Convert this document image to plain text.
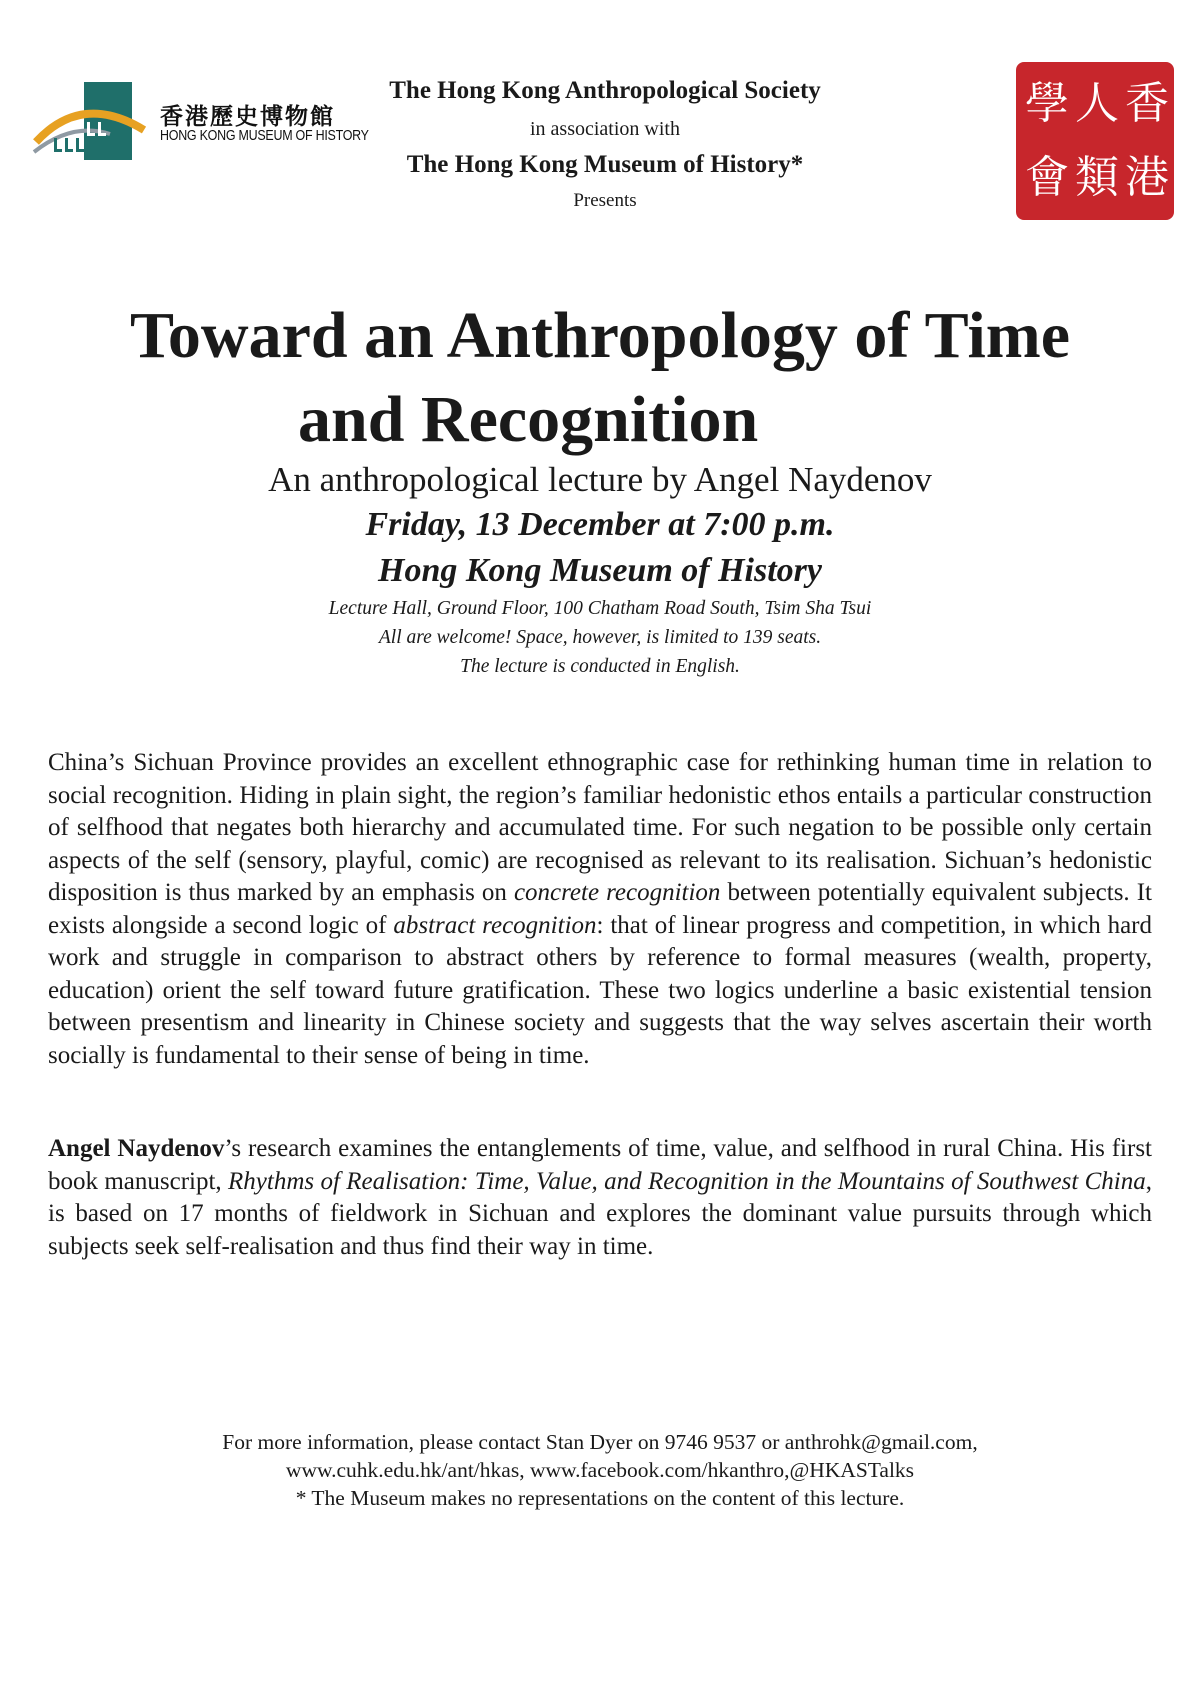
香港歷史博物館
HONG KONG MUSEUM OF HISTORY
The Hong Kong Anthropological Society
in association with
The Hong Kong Museum of History*
Presents
香
港
人
類
學
會
Toward an Anthropology of Time
and Recognition
An anthropological lecture by Angel Naydenov
Friday, 13 December at 7:00 p.m.
Hong Kong Museum of History
Lecture Hall, Ground Floor, 100 Chatham Road South, Tsim Sha Tsui
All are welcome! Space, however, is limited to 139 seats.
The lecture is conducted in English.

China’s Sichuan Province provides an excellent ethnographic case for rethinking human time in relation to social recognition. Hiding in plain sight, the region’s familiar hedonistic ethos entails a particular construction of selfhood that negates both hierarchy and accumulated time. For such negation to be possible only certain aspects of the self (sensory, playful, comic) are recognised as relevant to its realisation. Sichuan’s hedonistic disposition is thus marked by an emphasis on concrete recognition between potentially equivalent subjects. It exists alongside a second logic of abstract recognition: that of linear progress and competition, in which hard work and struggle in comparison to abstract others by reference to formal measures (wealth, property, education) orient the self toward future gratification. These two logics underline a basic existential tension between presentism and linearity in Chinese society and suggests that the way selves ascertain their worth socially is fundamental to their sense of being in time.

Angel Naydenov’s research examines the entanglements of time, value, and selfhood in rural China. His first book manuscript, Rhythms of Realisation: Time, Value, and Recognition in the Mountains of Southwest China, is based on 17 months of fieldwork in Sichuan and explores the dominant value pursuits through which subjects seek self-realisation and thus find their way in time.

For more information, please contact Stan Dyer on 9746 9537 or anthrohk@gmail.com,
www.cuhk.edu.hk/ant/hkas, www.facebook.com/hkanthro,@HKASTalks
* The Museum makes no representations on the content of this lecture.
